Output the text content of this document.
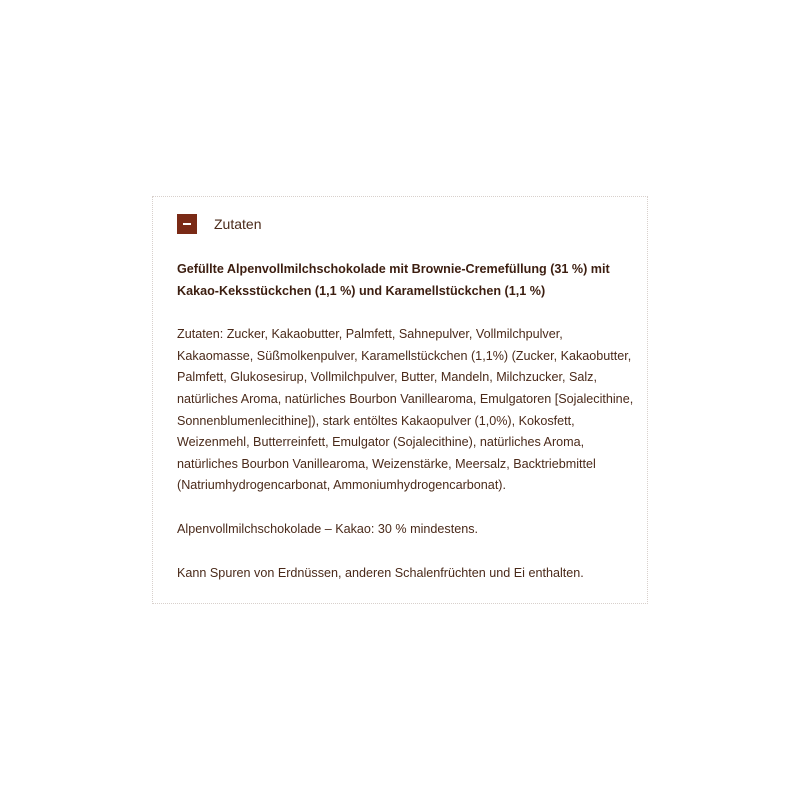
Zutaten

Gefüllte Alpenvollmilchschokolade mit Brownie-Cremefüllung (31 %) mit Kakao-Keksstückchen (1,1 %) und Karamellstückchen (1,1 %)

Zutaten: Zucker, Kakaobutter, Palmfett, Sahnepulver, Vollmilchpulver, Kakaomasse, Süßmolkenpulver, Karamellstückchen (1,1%) (Zucker, Kakaobutter, Palmfett, Glukosesirup, Vollmilchpulver, Butter, Mandeln, Milchzucker, Salz, natürliches Aroma, natürliches Bourbon Vanillearoma, Emulgatoren [Sojalecithine, Sonnenblumenlecithine]), stark entöltes Kakaopulver (1,0%), Kokosfett, Weizenmehl, Butterreinfett, Emulgator (Sojalecithine), natürliches Aroma, natürliches Bourbon Vanillearoma, Weizenstärke, Meersalz, Backtriebmittel (Natriumhydrogencarbonat, Ammoniumhydrogencarbonat).

Alpenvollmilchschokolade – Kakao: 30 % mindestens.

Kann Spuren von Erdnüssen, anderen Schalenfrüchten und Ei enthalten.
